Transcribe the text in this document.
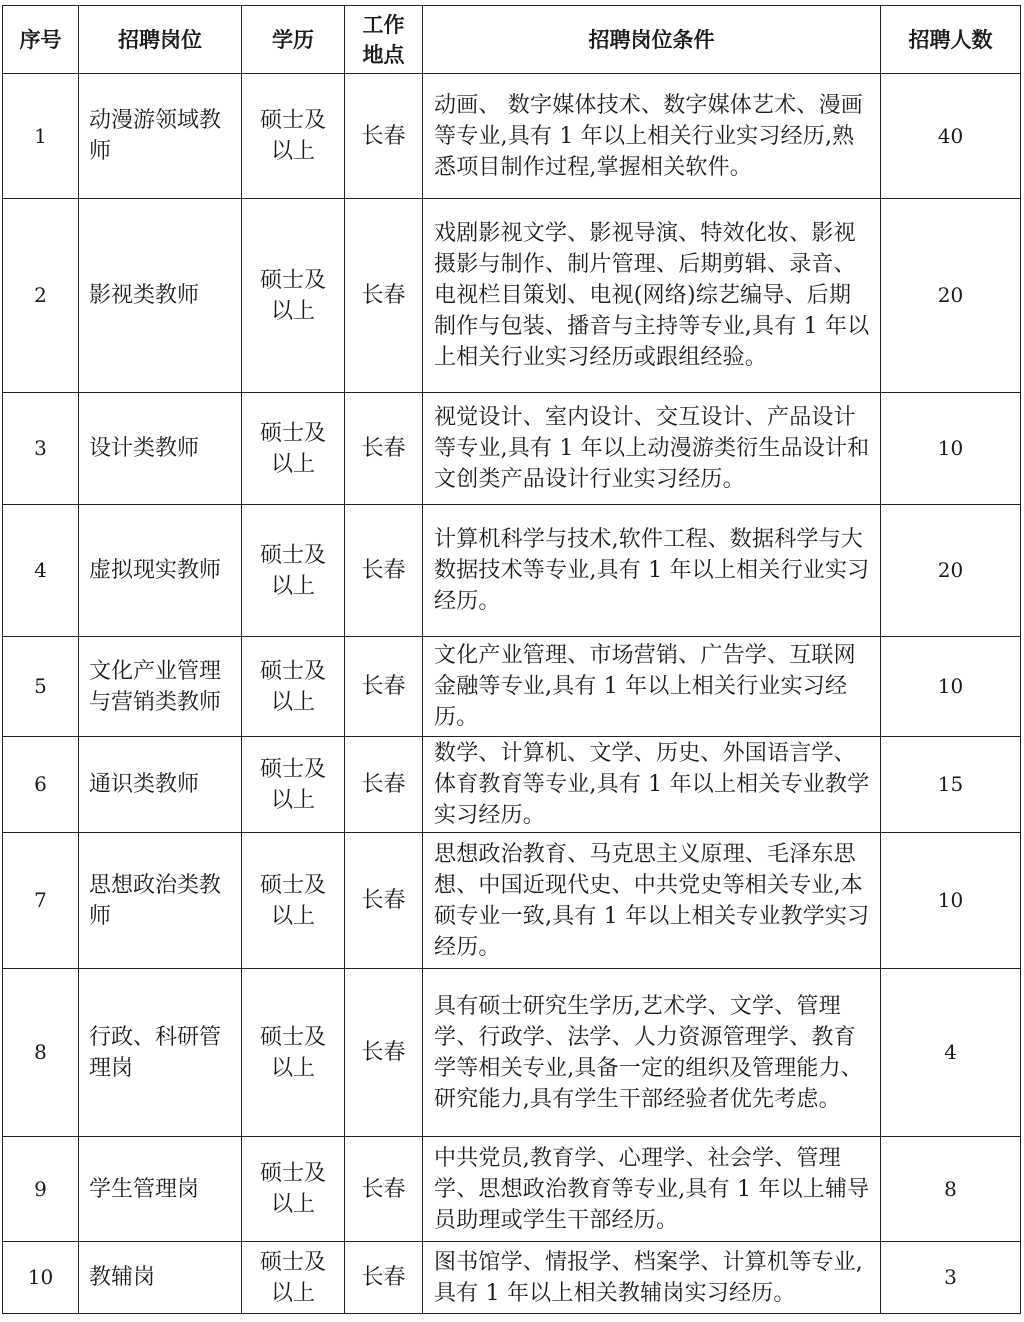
序号	招聘岗位	学历	工作地点	招聘岗位条件	招聘人数
1	动漫游领域教师	硕士及以上	长春	动画、 数字媒体技术、数字媒体艺术、漫画等专业,具有 1 年以上相关行业实习经历,熟悉项目制作过程,掌握相关软件。	40
2	影视类教师	硕士及以上	长春	戏剧影视文学、影视导演、特效化妆、影视摄影与制作、制片管理、后期剪辑、录音、电视栏目策划、电视(网络)综艺编导、后期制作与包装、播音与主持等专业,具有 1 年以上相关行业实习经历或跟组经验。	20
3	设计类教师	硕士及以上	长春	视觉设计、室内设计、交互设计、产品设计等专业,具有 1 年以上动漫游类衍生品设计和文创类产品设计行业实习经历。	10
4	虚拟现实教师	硕士及以上	长春	计算机科学与技术,软件工程、数据科学与大数据技术等专业,具有 1 年以上相关行业实习经历。	20
5	文化产业管理与营销类教师	硕士及以上	长春	文化产业管理、市场营销、广告学、互联网金融等专业,具有 1 年以上相关行业实习经历。	10
6	通识类教师	硕士及以上	长春	数学、计算机、文学、历史、外国语言学、体育教育等专业,具有 1 年以上相关专业教学实习经历。	15
7	思想政治类教师	硕士及以上	长春	思想政治教育、马克思主义原理、毛泽东思想、中国近现代史、中共党史等相关专业,本硕专业一致,具有 1 年以上相关专业教学实习经历。	10
8	行政、科研管理岗	硕士及以上	长春	具有硕士研究生学历,艺术学、文学、管理学、行政学、法学、人力资源管理学、教育学等相关专业,具备一定的组织及管理能力、研究能力,具有学生干部经验者优先考虑。	4
9	学生管理岗	硕士及以上	长春	中共党员,教育学、心理学、社会学、管理学、思想政治教育等专业,具有 1 年以上辅导员助理或学生干部经历。	8
10	教辅岗	硕士及以上	长春	图书馆学、情报学、档案学、计算机等专业,具有 1 年以上相关教辅岗实习经历。	3
